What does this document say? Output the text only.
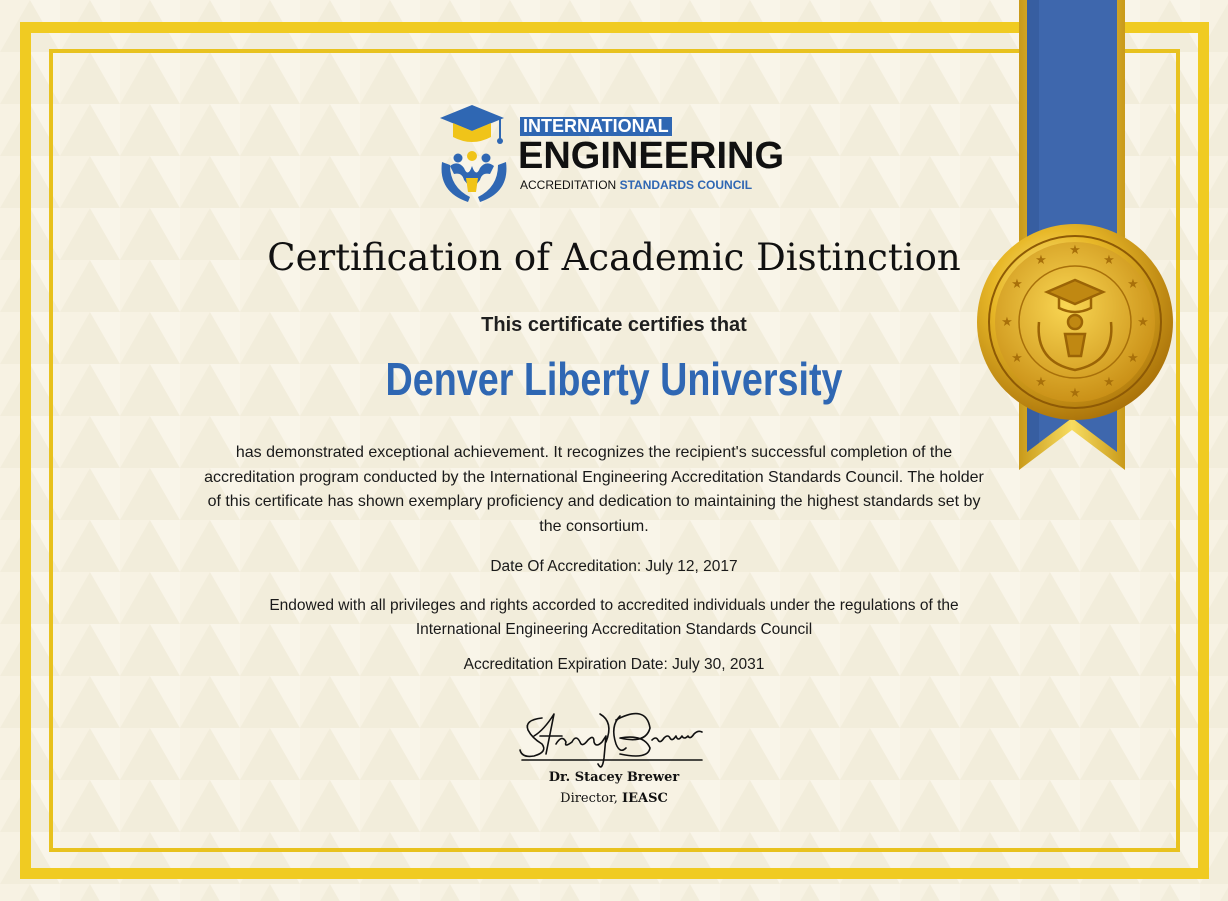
★
★
★
★
★
★
★
★
★
★
★
★
INTERNATIONAL
ENGINEERING
ACCREDITATION STANDARDS COUNCIL
Certification of Academic Distinction
This certificate certifies that
Denver Liberty University
has demonstrated exceptional achievement. It recognizes the recipient's successful completion of the accreditation program conducted by the International Engineering Accreditation Standards Council. The holder of this certificate has shown exemplary proficiency and dedication to maintaining the highest standards set by the consortium.
Date Of Accreditation: July 12, 2017
Endowed with all privileges and rights accorded to accredited individuals under the regulations of the
International Engineering Accreditation Standards Council
Accreditation Expiration Date: July 30, 2031
Dr. Stacey Brewer
Director, IEASC
